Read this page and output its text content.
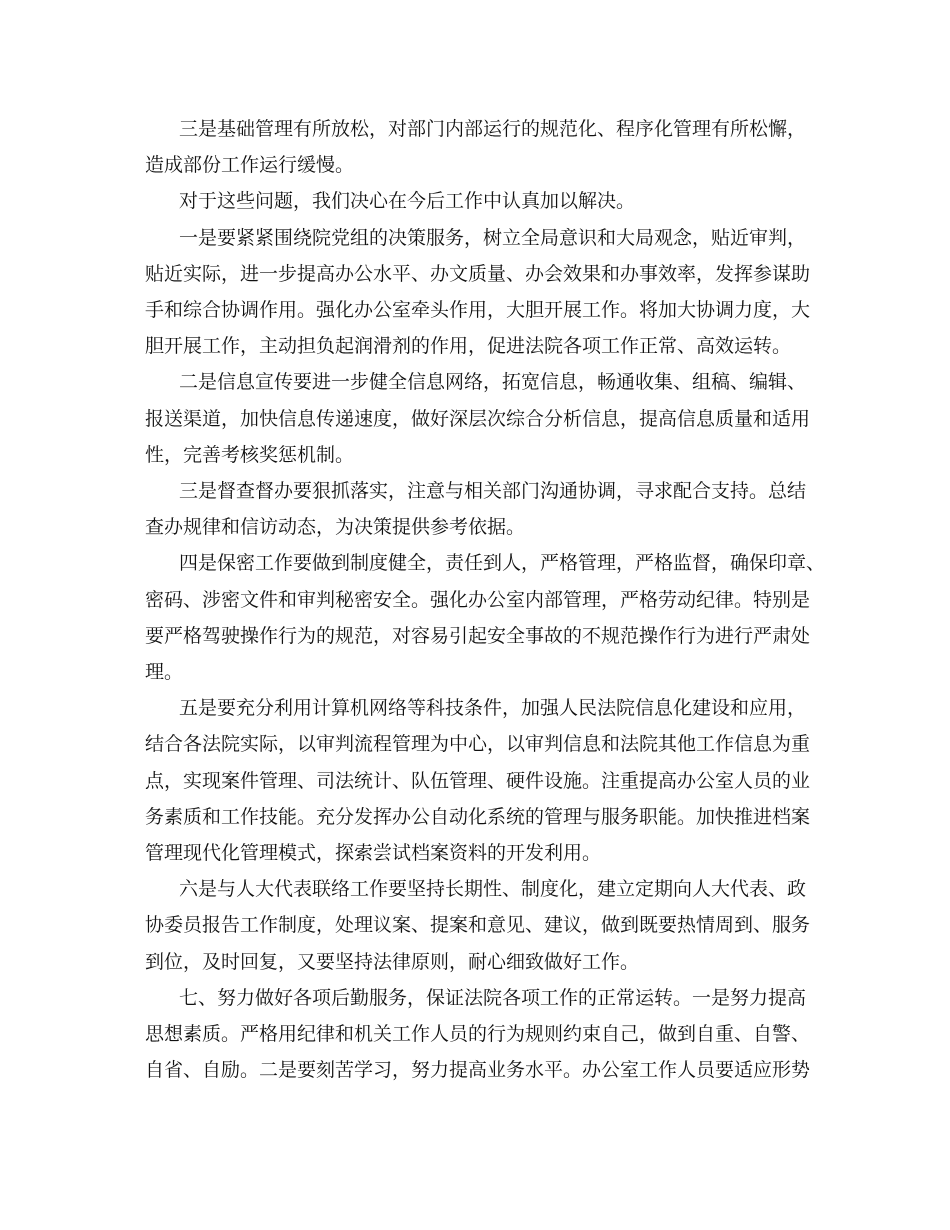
三是基础管理有所放松，对部门内部运行的规范化、程序化管理有所松懈，
造成部份工作运行缓慢。
对于这些问题，我们决心在今后工作中认真加以解决。
一是要紧紧围绕院党组的决策服务，树立全局意识和大局观念，贴近审判，
贴近实际，进一步提高办公水平、办文质量、办会效果和办事效率，发挥参谋助
手和综合协调作用。强化办公室牵头作用，大胆开展工作。将加大协调力度，大
胆开展工作，主动担负起润滑剂的作用，促进法院各项工作正常、高效运转。
二是信息宣传要进一步健全信息网络，拓宽信息，畅通收集、组稿、编辑、
报送渠道，加快信息传递速度，做好深层次综合分析信息，提高信息质量和适用
性，完善考核奖惩机制。
三是督查督办要狠抓落实，注意与相关部门沟通协调，寻求配合支持。总结
查办规律和信访动态，为决策提供参考依据。
四是保密工作要做到制度健全，责任到人，严格管理，严格监督，确保印章、
密码、涉密文件和审判秘密安全。强化办公室内部管理，严格劳动纪律。特别是
要严格驾驶操作行为的规范，对容易引起安全事故的不规范操作行为进行严肃处
理。
五是要充分利用计算机网络等科技条件，加强人民法院信息化建设和应用，
结合各法院实际，以审判流程管理为中心，以审判信息和法院其他工作信息为重
点，实现案件管理、司法统计、队伍管理、硬件设施。注重提高办公室人员的业
务素质和工作技能。充分发挥办公自动化系统的管理与服务职能。加快推进档案
管理现代化管理模式，探索尝试档案资料的开发利用。
六是与人大代表联络工作要坚持长期性、制度化，建立定期向人大代表、政
协委员报告工作制度，处理议案、提案和意见、建议，做到既要热情周到、服务
到位，及时回复，又要坚持法律原则，耐心细致做好工作。
七、努力做好各项后勤服务，保证法院各项工作的正常运转。一是努力提高
思想素质。严格用纪律和机关工作人员的行为规则约束自己，做到自重、自警、
自省、自励。二是要刻苦学习，努力提高业务水平。办公室工作人员要适应形势
